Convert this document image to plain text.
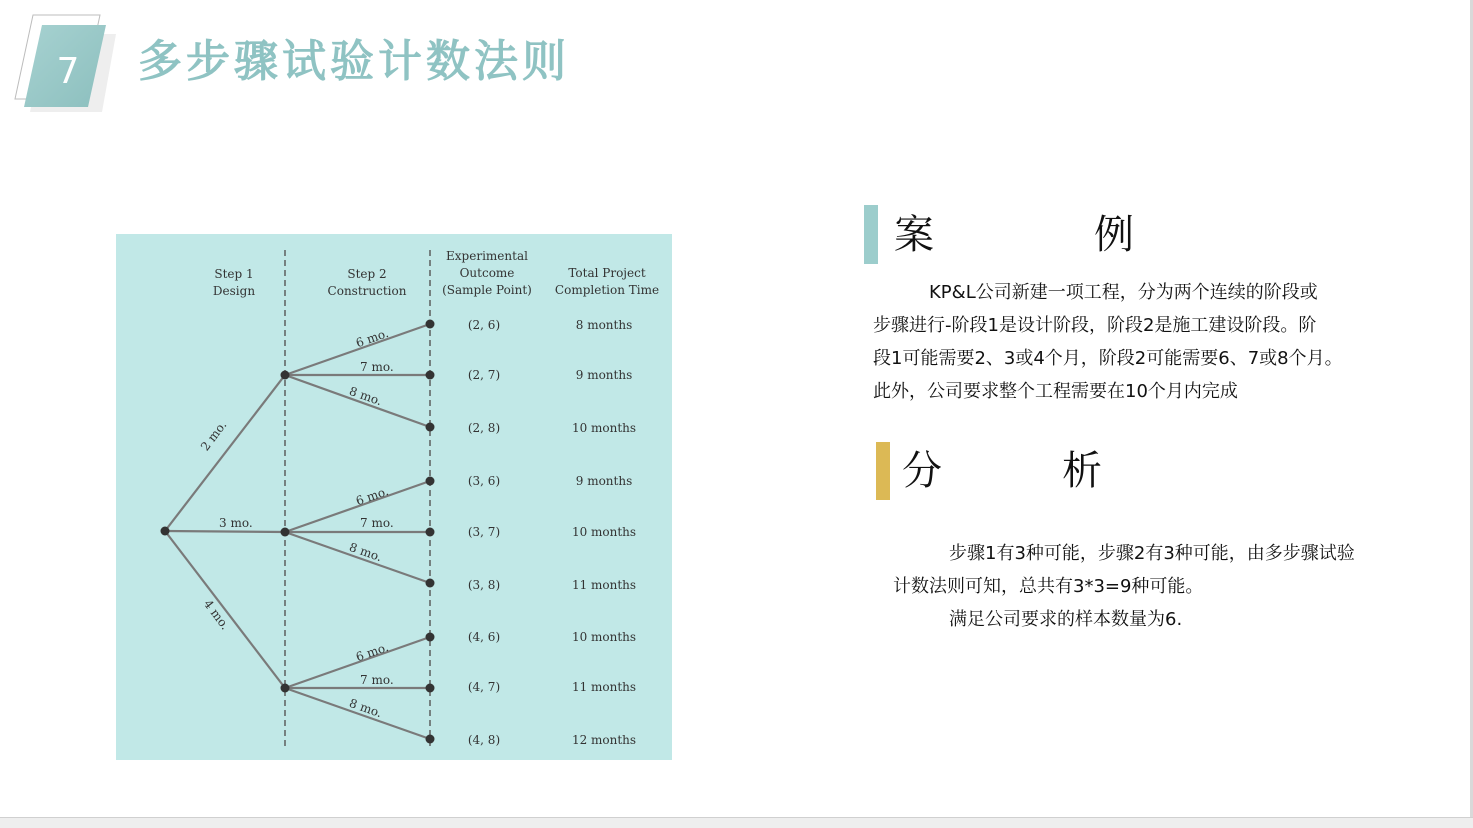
7 多步骤试验计数法则
Step 1
Design
Step 2
Construction
Experimental
Outcome
(Sample Point)
Total Project
Completion Time
2 mo.
3 mo.
4 mo.
6 mo.
7 mo.
8 mo.
6 mo.
7 mo.
8 mo.
6 mo.
7 mo.
8 mo.
(2, 6)	8 months
(2, 7)	9 months
(2, 8)	10 months
(3, 6)	9 months
(3, 7)	10 months
(3, 8)	11 months
(4, 6)	10 months
(4, 7)	11 months
(4, 8)	12 months
案　　　　例
KP&L公司新建一项工程，分为两个连续的阶段或
步骤进行-阶段1是设计阶段，阶段2是施工建设阶段。阶
段1可能需要2、3或4个月，阶段2可能需要6、7或8个月。
此外，公司要求整个工程需要在10个月内完成
分　　　析
步骤1有3种可能，步骤2有3种可能，由多步骤试验
计数法则可知，总共有3*3=9种可能。
满足公司要求的样本数量为6.
